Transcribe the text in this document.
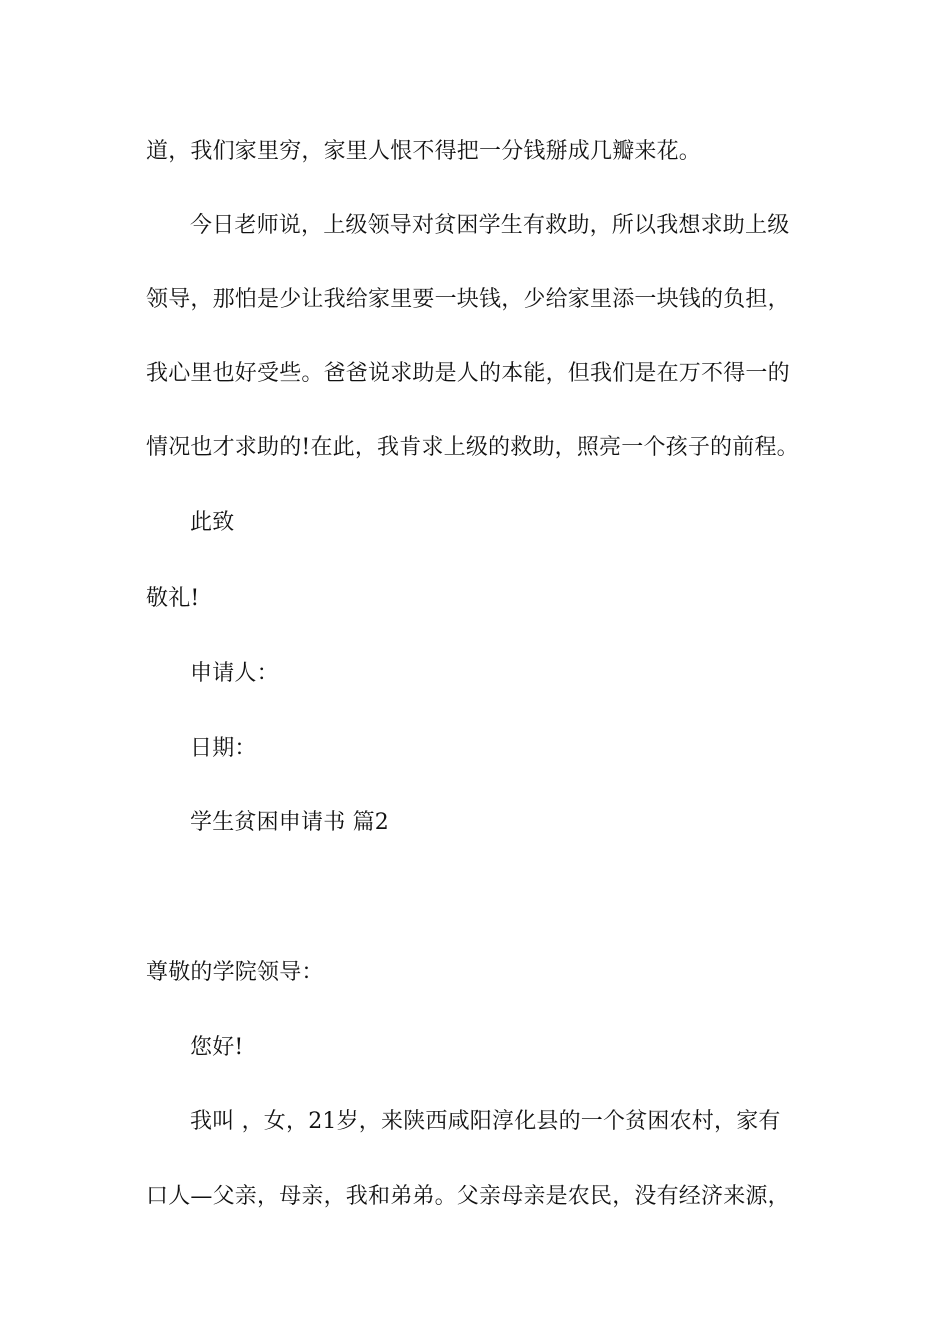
道，我们家里穷，家里人恨不得把一分钱掰成几瓣来花。
今日老师说，上级领导对贫困学生有救助，所以我想求助上级
领导，那怕是少让我给家里要一块钱，少给家里添一块钱的负担，
我心里也好受些。爸爸说求助是人的本能，但我们是在万不得一的
情况也才求助的!在此，我肯求上级的救助，照亮一个孩子的前程。
此致
敬礼!
申请人：
日期：
学生贫困申请书 篇2
尊敬的学院领导：
您好!
我叫 ，女，21岁，来陕西咸阳淳化县的一个贫困农村，家有
口人—父亲，母亲，我和弟弟。父亲母亲是农民，没有经济来源，
